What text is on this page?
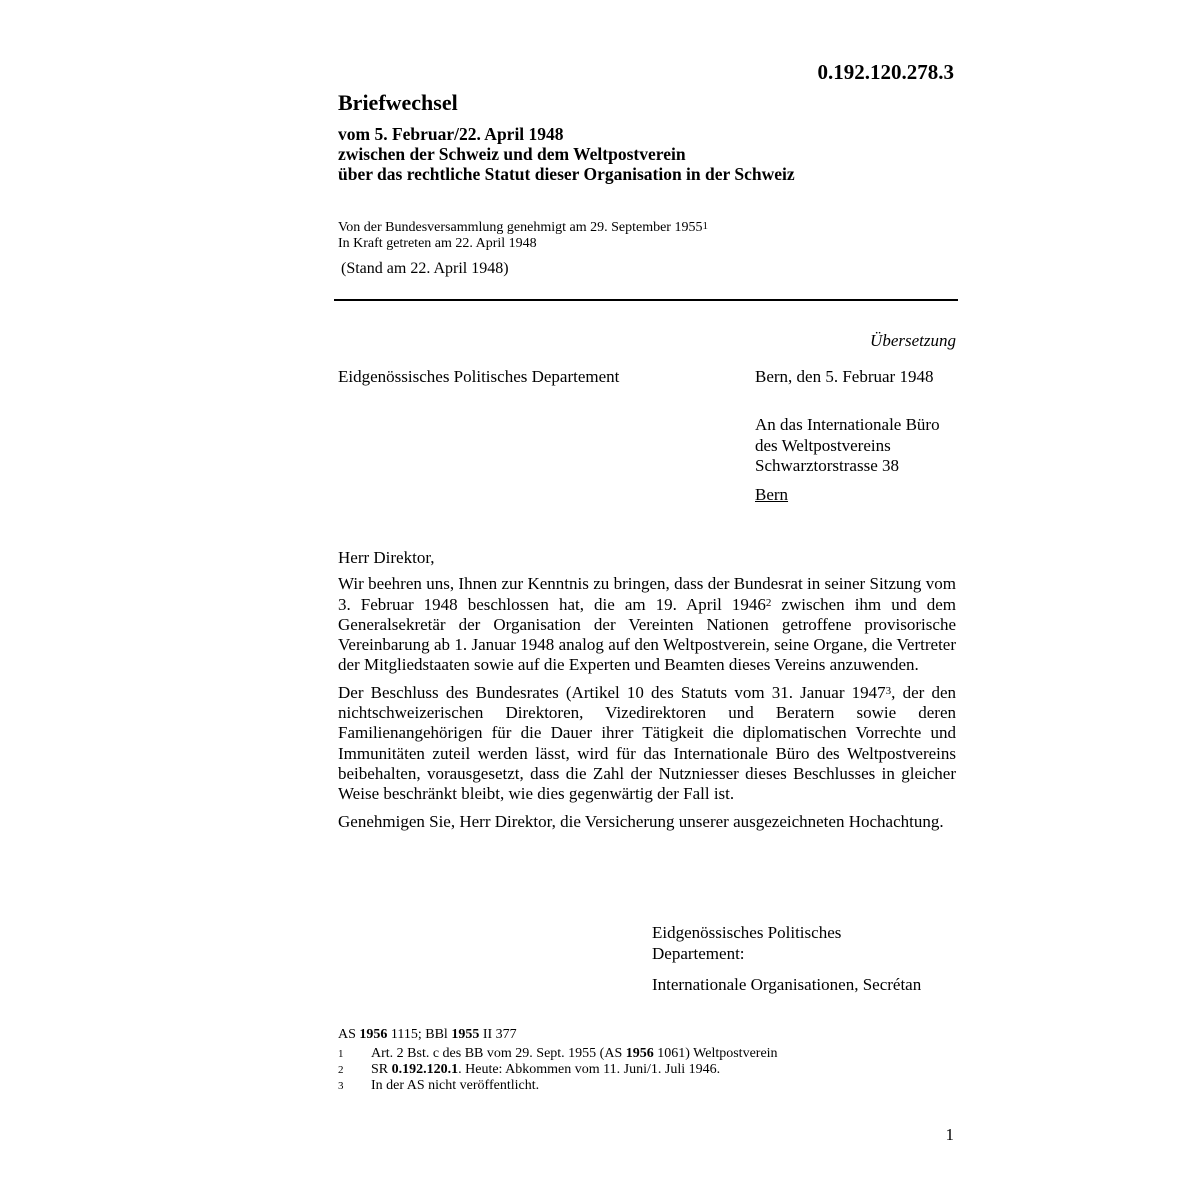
0.192.120.278.3
Briefwechsel
vom 5. Februar/22. April 1948
zwischen der Schweiz und dem Weltpostverein
über das rechtliche Statut dieser Organisation in der Schweiz
Von der Bundesversammlung genehmigt am 29. September 1955$^1$
In Kraft getreten am 22. April 1948
(Stand am 22. April 1948)
Übersetzung
Eidgenössisches Politisches Departement	Bern, den 5. Februar 1948
An das Internationale Büro
des Weltpostvereins
Schwarztorstrasse 38
Bern

Herr Direktor,

Wir beehren uns, Ihnen zur Kenntnis zu bringen, dass der Bundesrat in seiner Sitzung vom 3. Februar 1948 beschlossen hat, die am 19. April 1946$^2$ zwischen ihm und dem Generalsekretär der Organisation der Vereinten Nationen getroffene provisorische Vereinbarung ab 1. Januar 1948 analog auf den Weltpostverein, seine Organe, die Vertreter der Mitgliedstaaten sowie auf die Experten und Beamten dieses Vereins anzuwenden.

Der Beschluss des Bundesrates (Artikel 10 des Statuts vom 31. Januar 1947$^3$, der den nichtschweizerischen Direktoren, Vizedirektoren und Beratern sowie deren Familienangehörigen für die Dauer ihrer Tätigkeit die diplomatischen Vorrechte und Immunitäten zuteil werden lässt, wird für das Internationale Büro des Weltpostvereins beibehalten, vorausgesetzt, dass die Zahl der Nutzniesser dieses Beschlusses in gleicher Weise beschränkt bleibt, wie dies gegenwärtig der Fall ist.

Genehmigen Sie, Herr Direktor, die Versicherung unserer ausgezeichneten Hochachtung.

Eidgenössisches Politisches
Departement:
Internationale Organisationen, Secrétan
AS 1956 1115; BBl 1955 II 377
1	Art. 2 Bst. c des BB vom 29. Sept. 1955 (AS 1956 1061) Weltpostverein
2	SR 0.192.120.1. Heute: Abkommen vom 11. Juni/1. Juli 1946.
3	In der AS nicht veröffentlicht.
1
